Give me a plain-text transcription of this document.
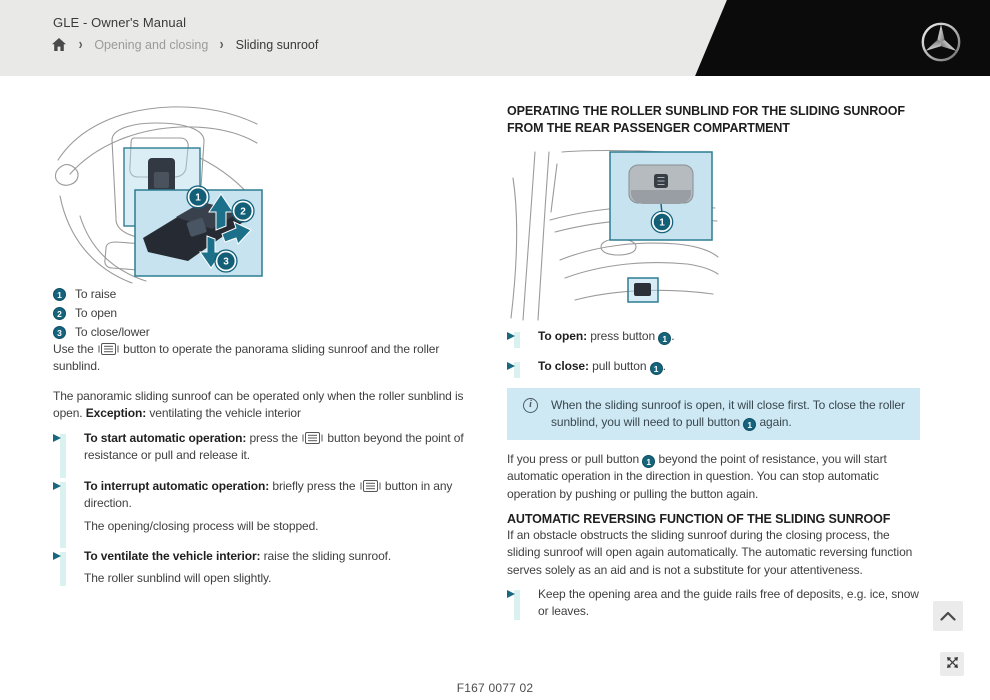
GLE - Owner's Manual
› Opening and closing › Sliding sunroof
1
2
3
1	To raise
2	To open
3	To close/lower

Use the  button to operate the panorama sliding sunroof and the roller sunblind.

The panoramic sliding sunroof can be operated only when the roller sunblind is open. Exception: ventilating the vehicle interior

To start automatic operation: press the  button beyond the point of resistance or pull and release it.
To interrupt automatic operation: briefly press the  button in any direction.
The opening/closing process will be stopped.
To ventilate the vehicle interior: raise the sliding sunroof.
The roller sunblind will open slightly.
OPERATING THE ROLLER SUNBLIND FOR THE SLIDING SUNROOF FROM THE REAR PASSENGER COMPARTMENT
1
To open: press button 1 .
To close: pull button 1 .
i	When the sliding sunroof is open, it will close first. To close the roller sunblind, you will need to pull button 1 again.

If you press or pull button 1 beyond the point of resistance, you will start automatic operation in the direction in question. You can stop automatic operation by pushing or pulling the button again.

AUTOMATIC REVERSING FUNCTION OF THE SLIDING SUNROOF

If an obstacle obstructs the sliding sunroof during the closing process, the sliding sunroof will open again automatically. The automatic reversing function serves solely as an aid and is not a substitute for your attentiveness.

Keep the opening area and the guide rails free of deposits, e.g. ice, snow or leaves.
F167 0077 02
